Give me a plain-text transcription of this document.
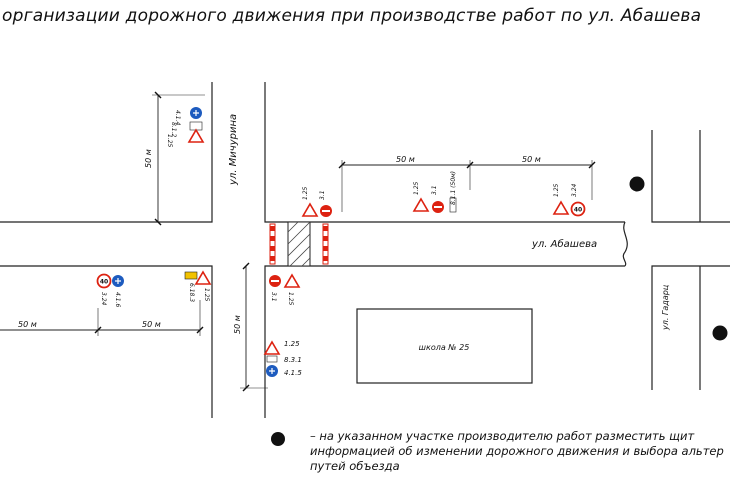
организации дорожного движения при производстве работ по ул. Абашева
школа № 25
ул. Мичурина
ул. Абашева
ул. Гадарц
50 м	50 м	50 м
50 м	50 м	50 м
4.1.4
8.1.2
1.25
1.25 3.1
1.25 3.1 8.1.1 (50м)
40
1.25 3.24
40
3.24 4.1.6	6.18.3 1.25	3.1 1.25
1.25
8.3.1
4.1.5
– на указанном участке производителю работ разместить щит
информацией об изменении дорожного движения и выбора альтер
путей объезда
